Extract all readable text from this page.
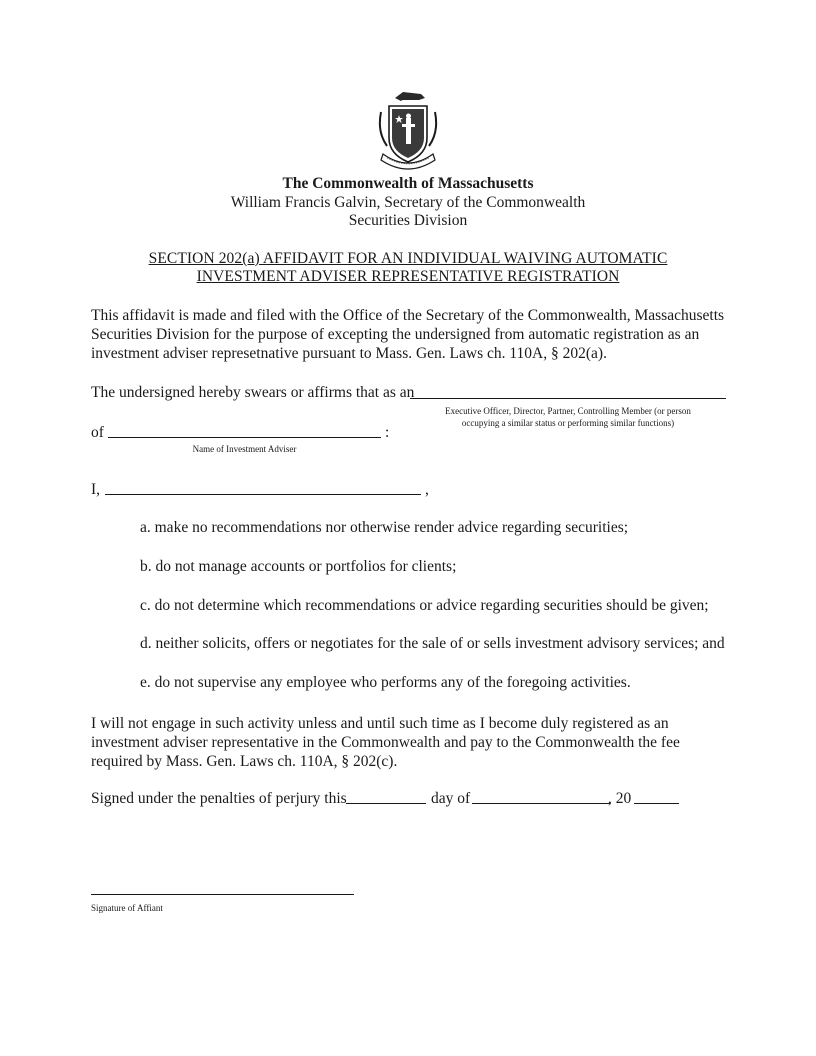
The Commonwealth of Massachusetts
William Francis Galvin, Secretary of the Commonwealth
Securities Division
SECTION 202(a) AFFIDAVIT FOR AN INDIVIDUAL WAIVING AUTOMATIC
INVESTMENT ADVISER REPRESENTATIVE REGISTRATION
This affidavit is made and filed with the Office of the Secretary of the Commonwealth, Massachusetts Securities Division for the purpose of excepting the undersigned from automatic registration as an investment adviser represetnative pursuant to Mass. Gen. Laws ch. 110A, § 202(a).
The undersigned hereby swears or affirms that as an
Executive Officer, Director, Partner, Controlling Member (or person
occupying a similar status or performing similar functions)
of	:
Name of Investment Adviser
I,	,
a. make no recommendations nor otherwise render advice regarding securities;
b. do not manage accounts or portfolios for clients;
c. do not determine which recommendations or advice regarding securities should be given;
d. neither solicits, offers or negotiates for the sale of or sells investment advisory services; and
e. do not supervise any employee who performs any of the foregoing activities.
I will not engage in such activity unless and until such time as I become duly registered as an investment adviser representative in the Commonwealth and pay to the Commonwealth the fee required by Mass. Gen. Laws ch. 110A, § 202(c).
Signed under the penalties of perjury this	day of	, 20
Signature of Affiant
